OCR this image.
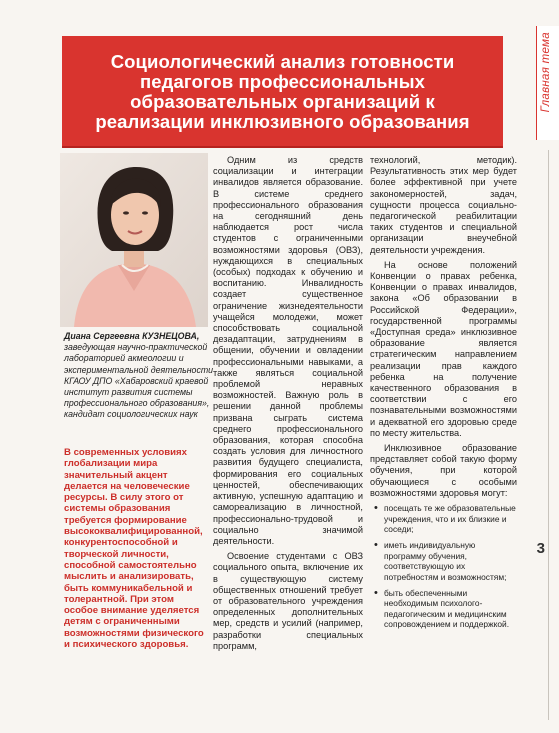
Главная тема
3
Социологический анализ готовности педагогов профессиональных образовательных организаций к реализации инклюзивного образования
Диана Сергеевна КУЗНЕЦОВА, заведующая научно-практической лабораторией акмеологии и экспериментальной деятельности КГАОУ ДПО «Хабаровский краевой институт развития системы профессионального образования», кандидат социологических наук
В современных условиях глобализации мира значительный акцент делается на человеческие ресурсы. В силу этого от системы образования требуется формирование высококвалифицированной, конкурентоспособной и творческой личности, способной самостоятельно мыслить и анализировать, быть коммуникабельной и толерантной. При этом особое внимание уделяется детям с ограниченными возможностями физического и психического здоровья.

Одним из средств социализации и интеграции инвалидов является образование. В системе среднего профессионального образования на сегодняшний день наблюдается рост числа студентов с ограниченными возможностями здоровья (ОВЗ), нуждающихся в специальных (особых) подходах к обучению и воспитанию. Инвалидность создает существенное ограничение жизнедеятельности учащейся молодежи, может способствовать социальной дезадаптации, затруднениям в общении, обучении и овладении профессиональными навыками, а также являться социальной проблемой неравных возможностей. Важную роль в решении данной проблемы призвана сыграть система среднего профессионального образования, которая способна создать условия для личностного развития будущего специалиста, формирования его социальных ценностей, обеспечивающих активную, успешную адаптацию и самореализацию в личностной, профессионально-трудовой и социально значимой деятельности.

Освоение студентами с ОВЗ социального опыта, включение их в существующую систему общественных отношений требует от образовательного учреждения определенных дополнительных мер, средств и усилий (например, разработки специальных программ,

технологий, методик). Результативность этих мер будет более эффективной при учете закономерностей, задач, сущности процесса социально-педагогической реабилитации таких студентов и специальной организации внеучебной деятельности учреждения.

На основе положений Конвенции о правах ребенка, Конвенции о правах инвалидов, закона «Об образовании в Российской Федерации», государственной программы «Доступная среда» инклюзивное образование является стратегическим направлением реализации прав каждого ребенка на получение качественного образования в соответствии с его познавательными возможностями и адекватной его здоровью среде по месту жительства.

Инклюзивное образование представляет собой такую форму обучения, при которой обучающиеся с особыми возможностями здоровья могут:

• посещать те же образовательные учреждения, что и их близкие и соседи;
• иметь индивидуальную программу обучения, соответствующую их потребностям и возможностям;
• быть обеспеченными необходимым психолого-педагогическим и медицинским сопровождением и поддержкой.
